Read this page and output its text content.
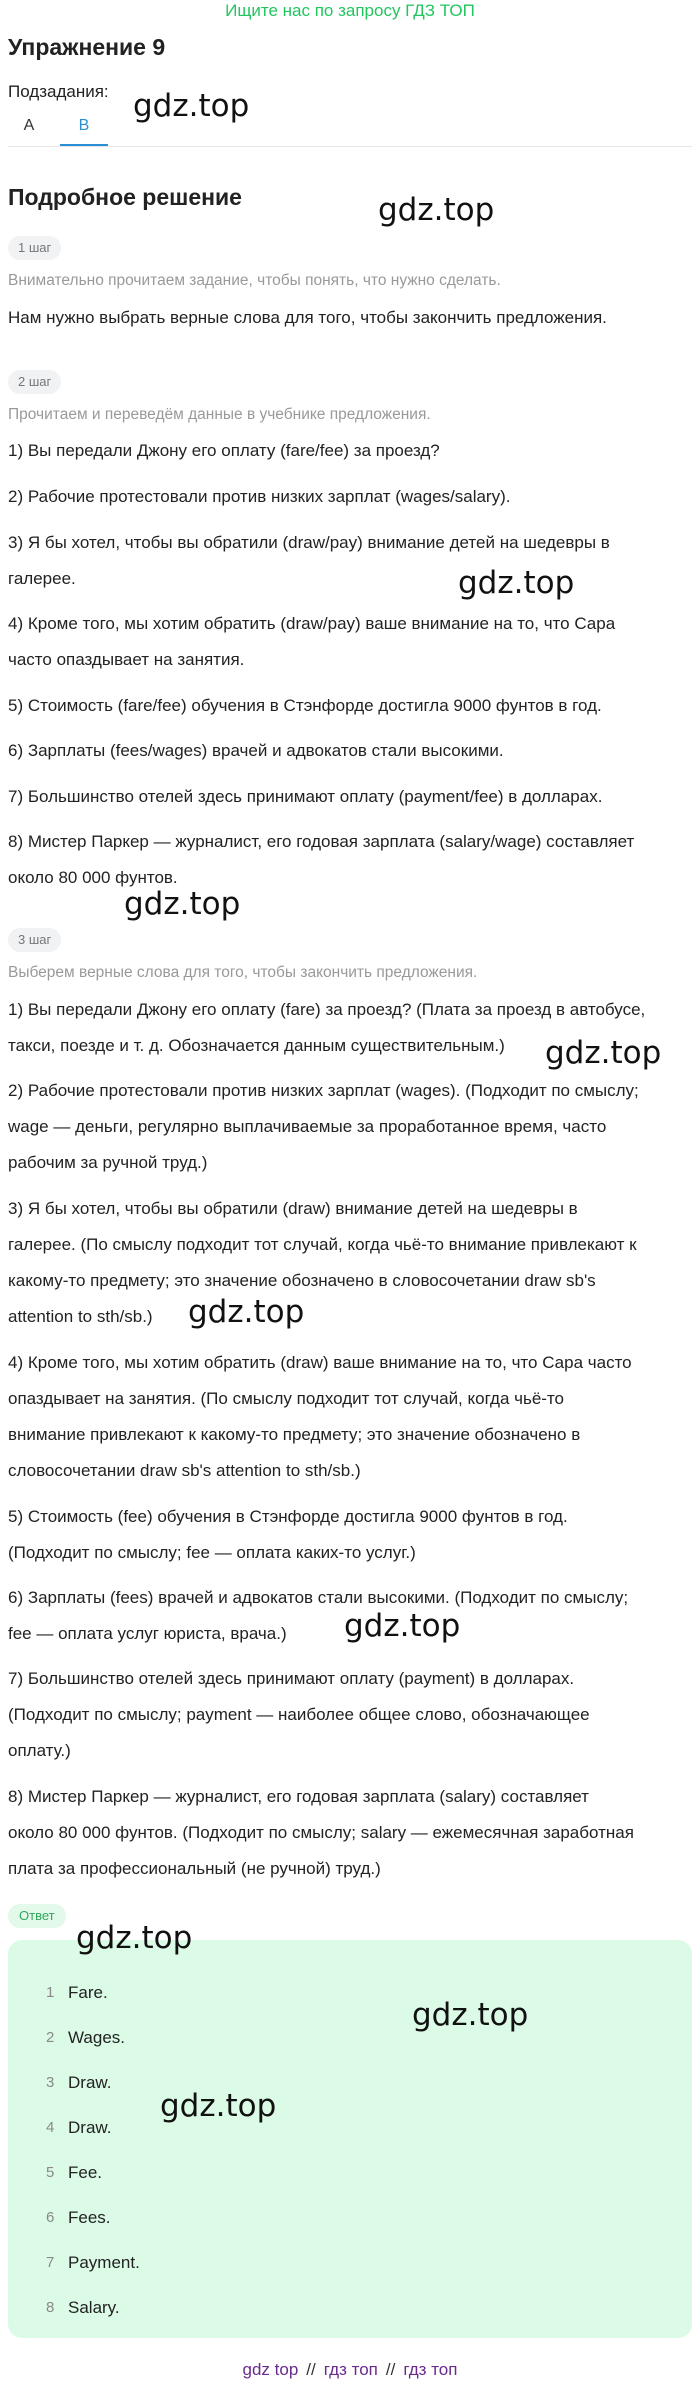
Ищите нас по запросу ГДЗ ТОП
Упражнение 9
Подзадания:
A	B
Подробное решение
1 шаг
Внимательно прочитаем задание, чтобы понять, что нужно сделать.
Нам нужно выбрать верные слова для того, чтобы закончить предложения.
2 шаг
Прочитаем и переведём данные в учебнике предложения.
1) Вы передали Джону его оплату (fare/fee) за проезд?
2) Рабочие протестовали против низких зарплат (wages/salary).
3) Я бы хотел, чтобы вы обратили (draw/pay) внимание детей на шедевры в
галерее.
4) Кроме того, мы хотим обратить (draw/pay) ваше внимание на то, что Сара
часто опаздывает на занятия.
5) Стоимость (fare/fee) обучения в Стэнфорде достигла 9000 фунтов в год.
6) Зарплаты (fees/wages) врачей и адвокатов стали высокими.
7) Большинство отелей здесь принимают оплату (payment/fee) в долларах.
8) Мистер Паркер — журналист, его годовая зарплата (salary/wage) составляет
около 80 000 фунтов.
3 шаг
Выберем верные слова для того, чтобы закончить предложения.
1) Вы передали Джону его оплату (fare) за проезд? (Плата за проезд в автобусе,
такси, поезде и т. д. Обозначается данным существительным.)
2) Рабочие протестовали против низких зарплат (wages). (Подходит по смыслу;
wage — деньги, регулярно выплачиваемые за проработанное время, часто
рабочим за ручной труд.)
3) Я бы хотел, чтобы вы обратили (draw) внимание детей на шедевры в
галерее. (По смыслу подходит тот случай, когда чьё-то внимание привлекают к
какому-то предмету; это значение обозначено в словосочетании draw sb's
attention to sth/sb.)
4) Кроме того, мы хотим обратить (draw) ваше внимание на то, что Сара часто
опаздывает на занятия. (По смыслу подходит тот случай, когда чьё-то
внимание привлекают к какому-то предмету; это значение обозначено в
словосочетании draw sb's attention to sth/sb.)
5) Стоимость (fee) обучения в Стэнфорде достигла 9000 фунтов в год.
(Подходит по смыслу; fee — оплата каких-то услуг.)
6) Зарплаты (fees) врачей и адвокатов стали высокими. (Подходит по смыслу;
fee — оплата услуг юриста, врача.)
7) Большинство отелей здесь принимают оплату (payment) в долларах.
(Подходит по смыслу; payment — наиболее общее слово, обозначающее
оплату.)
8) Мистер Паркер — журналист, его годовая зарплата (salary) составляет
около 80 000 фунтов. (Подходит по смыслу; salary — ежемесячная заработная
плата за профессиональный (не ручной) труд.)
Ответ
1 Fare.
2 Wages.
3 Draw.
4 Draw.
5 Fee.
6 Fees.
7 Payment.
8 Salary.
gdz.top
gdz.top
gdz.top
gdz.top
gdz.top
gdz.top
gdz.top
gdz.top
gdz.top
gdz.top
gdz top // гдз топ // гдз топ
